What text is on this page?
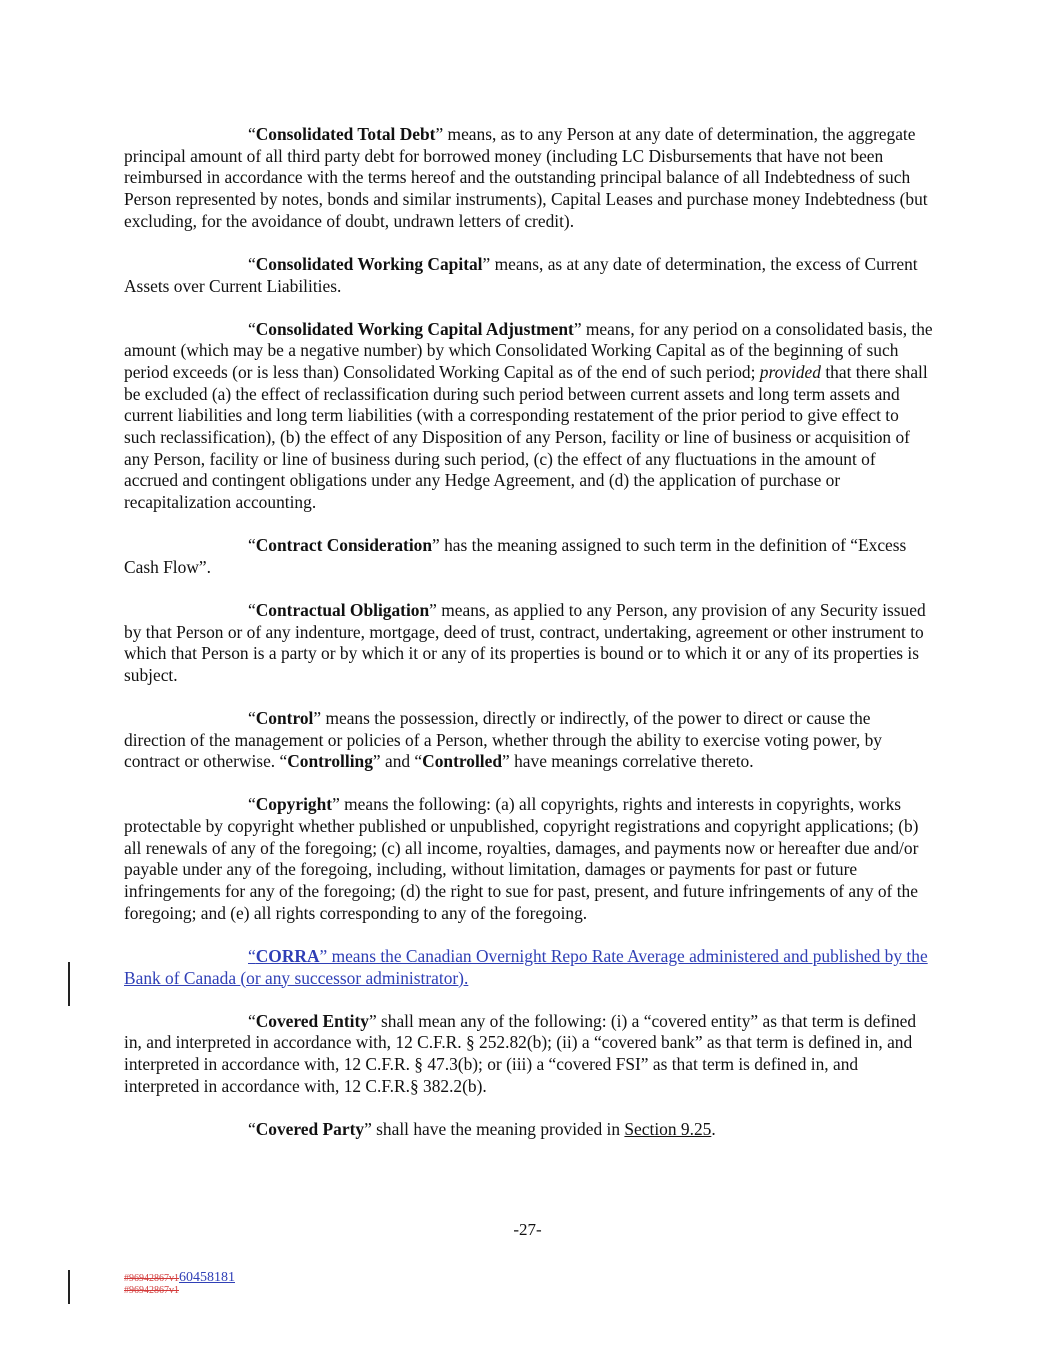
“Consolidated Total Debt” means, as to any Person at any date of determination, the aggregate principal amount of all third party debt for borrowed money (including LC Disbursements that have not been reimbursed in accordance with the terms hereof and the outstanding principal balance of all Indebtedness of such Person represented by notes, bonds and similar instruments), Capital Leases and purchase money Indebtedness (but excluding, for the avoidance of doubt, undrawn letters of credit).

“Consolidated Working Capital” means, as at any date of determination, the excess of Current Assets over Current Liabilities.

“Consolidated Working Capital Adjustment” means, for any period on a consolidated basis, the amount (which may be a negative number) by which Consolidated Working Capital as of the beginning of such period exceeds (or is less than) Consolidated Working Capital as of the end of such period; provided that there shall be excluded (a) the effect of reclassification during such period between current assets and long term assets and current liabilities and long term liabilities (with a corresponding restatement of the prior period to give effect to such reclassification), (b) the effect of any Disposition of any Person, facility or line of business or acquisition of any Person, facility or line of business during such period, (c) the effect of any fluctuations in the amount of accrued and contingent obligations under any Hedge Agreement, and (d) the application of purchase or recapitalization accounting.

“Contract Consideration” has the meaning assigned to such term in the definition of “Excess Cash Flow”.

“Contractual Obligation” means, as applied to any Person, any provision of any Security issued by that Person or of any indenture, mortgage, deed of trust, contract, undertaking, agreement or other instrument to which that Person is a party or by which it or any of its properties is bound or to which it or any of its properties is subject.

“Control” means the possession, directly or indirectly, of the power to direct or cause the direction of the management or policies of a Person, whether through the ability to exercise voting power, by contract or otherwise. “Controlling” and “Controlled” have meanings correlative thereto.

“Copyright” means the following: (a) all copyrights, rights and interests in copyrights, works protectable by copyright whether published or unpublished, copyright registrations and copyright applications; (b) all renewals of any of the foregoing; (c) all income, royalties, damages, and payments now or hereafter due and/or payable under any of the foregoing, including, without limitation, damages or payments for past or future infringements for any of the foregoing; (d) the right to sue for past, present, and future infringements of any of the foregoing; and (e) all rights corresponding to any of the foregoing.

“CORRA” means the Canadian Overnight Repo Rate Average administered and published by the Bank of Canada (or any successor administrator).

“Covered Entity” shall mean any of the following: (i) a “covered entity” as that term is defined in, and interpreted in accordance with, 12 C.F.R. § 252.82(b); (ii) a “covered bank” as that term is defined in, and interpreted in accordance with, 12 C.F.R. § 47.3(b); or (iii) a “covered FSI” as that term is defined in, and interpreted in accordance with, 12 C.F.R.§ 382.2(b).

“Covered Party” shall have the meaning provided in Section 9.25.

-27-
#96942867v160458181
#96942867v1
